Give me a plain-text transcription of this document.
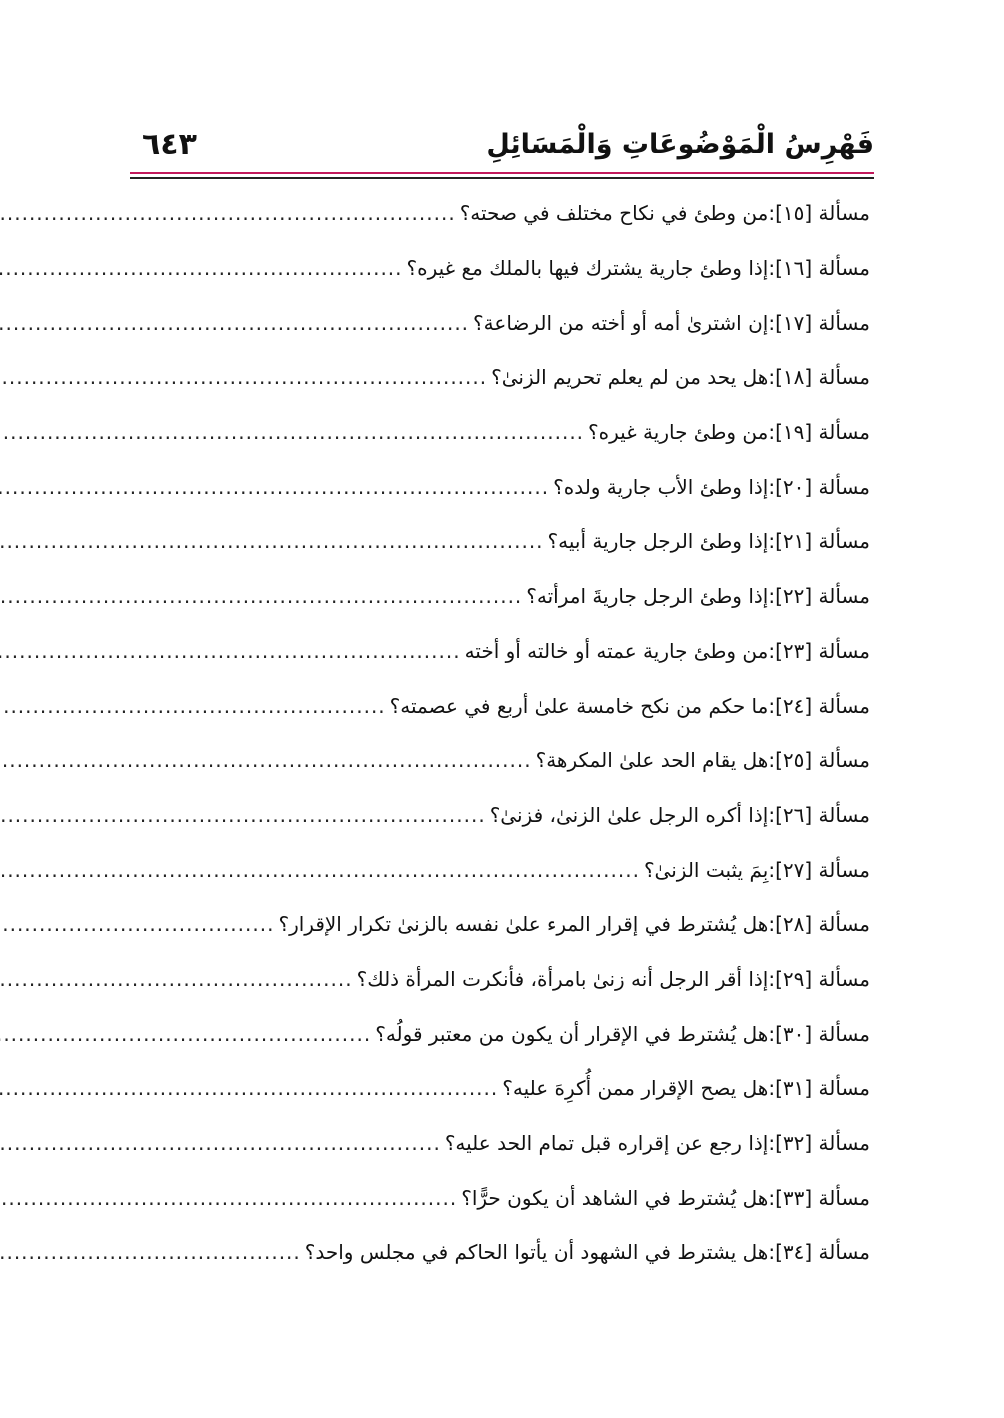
٦٤٣	فَهْرِسُ الْمَوْضُوعَاتِ وَالْمَسَائِلِ
مسألة [١٥]:
من وطئ في نكاح مختلف في صحته؟
.....
مسألة [١٦]:
إذا وطئ جارية يشترك فيها بالملك مع غيره؟
.....
مسألة [١٧]:
إن اشترىٰ أمه أو أخته من الرضاعة؟
.....
مسألة [١٨]:
هل يحد من لم يعلم تحريم الزنىٰ؟
.....
مسألة [١٩]:
من وطئ جارية غيره؟
.....
مسألة [٢٠]:
إذا وطئ الأب جارية ولده؟
.....
مسألة [٢١]:
إذا وطئ الرجل جارية أبيه؟
.....
مسألة [٢٢]:
إذا وطئ الرجل جاريةَ امرأته؟
.....
مسألة [٢٣]:
من وطئ جارية عمته أو خالته أو أخته
.....
مسألة [٢٤]:
ما حكم من نكح خامسة علىٰ أربع في عصمته؟
.....
مسألة [٢٥]:
هل يقام الحد علىٰ المكرهة؟
.....
مسألة [٢٦]:
إذا أكره الرجل علىٰ الزنىٰ، فزنىٰ؟
.....
مسألة [٢٧]:
بِمَ يثبت الزنىٰ؟
.....
مسألة [٢٨]:
هل يُشترط في إقرار المرء علىٰ نفسه بالزنىٰ تكرار الإقرار؟
.....
مسألة [٢٩]:
إذا أقر الرجل أنه زنىٰ بامرأة، فأنكرت المرأة ذلك؟
.....
مسألة [٣٠]:
هل يُشترط في الإقرار أن يكون من معتبر قولُه؟
.....
مسألة [٣١]:
هل يصح الإقرار ممن أُكرِهَ عليه؟
.....
مسألة [٣٢]:
إذا رجع عن إقراره قبل تمام الحد عليه؟
.....
مسألة [٣٣]:
هل يُشترط في الشاهد أن يكون حرًّا؟
.....
مسألة [٣٤]:
هل يشترط في الشهود أن يأتوا الحاكم في مجلس واحد؟
.....
